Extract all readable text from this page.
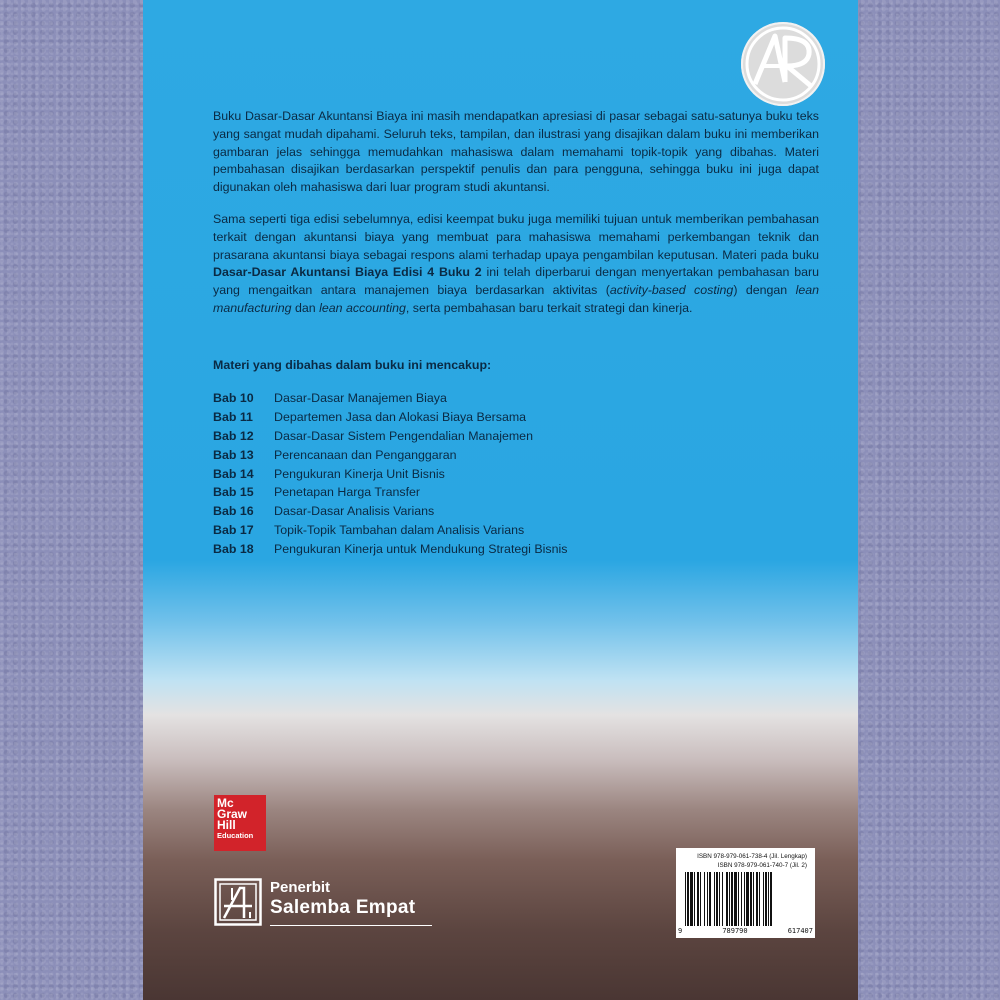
Buku Dasar-Dasar Akuntansi Biaya ini masih mendapatkan apresiasi di pasar sebagai satu-satunya buku teks yang sangat mudah dipahami. Seluruh teks, tampilan, dan ilustrasi yang disajikan dalam buku ini memberikan gambaran jelas sehingga memudahkan mahasiswa dalam memahami topik-topik yang dibahas. Materi pembahasan disajikan berdasarkan perspektif penulis dan para pengguna, sehingga buku ini juga dapat digunakan oleh mahasiswa dari luar program studi akuntansi.

Sama seperti tiga edisi sebelumnya, edisi keempat buku juga memiliki tujuan untuk memberikan pembahasan terkait dengan akuntansi biaya yang membuat para mahasiswa memahami perkembangan teknik dan prasarana akuntansi biaya sebagai respons alami terhadap upaya pengambilan keputusan. Materi pada buku Dasar-Dasar Akuntansi Biaya Edisi 4 Buku 2 ini telah diperbarui dengan menyertakan pembahasan baru yang mengaitkan antara manajemen biaya berdasarkan aktivitas (activity-based costing) dengan lean manufacturing dan lean accounting, serta pembahasan baru terkait strategi dan kinerja.

Materi yang dibahas dalam buku ini mencakup:

Bab 10	Dasar-Dasar Manajemen Biaya
Bab 11	Departemen Jasa dan Alokasi Biaya Bersama
Bab 12	Dasar-Dasar Sistem Pengendalian Manajemen
Bab 13	Perencanaan dan Penganggaran
Bab 14	Pengukuran Kinerja Unit Bisnis
Bab 15	Penetapan Harga Transfer
Bab 16	Dasar-Dasar Analisis Varians
Bab 17	Topik-Topik Tambahan dalam Analisis Varians
Bab 18	Pengukuran Kinerja untuk Mendukung Strategi Bisnis
Mc
Graw
Hill
Education
Penerbit
Salemba Empat
ISBN 978-979-061-738-4 (Jil. Lengkap)
ISBN 978-979-061-740-7 (Jil. 2)
9	789790	617407
